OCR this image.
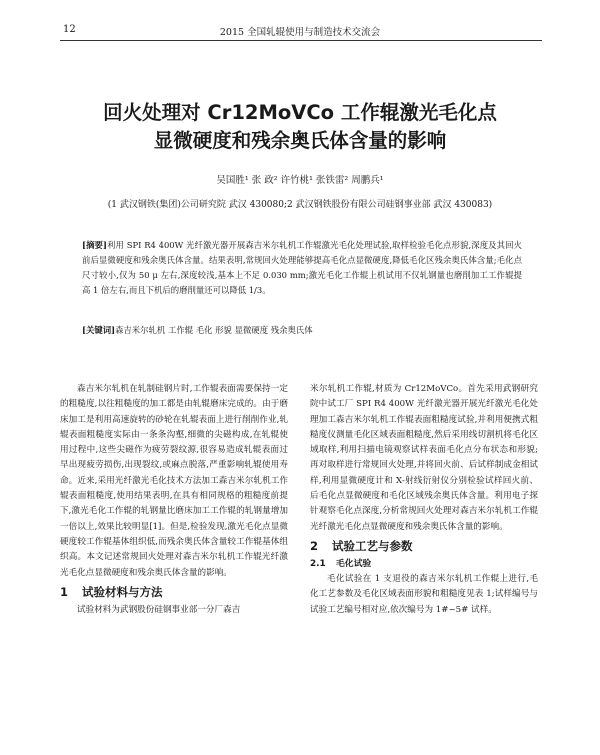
12	2015 全国轧辊使用与制造技术交流会
回火处理对 Cr12MoVCo 工作辊激光毛化点
显微硬度和残余奥氏体含量的影响
吴国胜¹ 张 政² 许竹桃¹ 张铁雷² 周鹏兵¹
(1 武汉钢铁(集团)公司研究院 武汉 430080;2 武汉钢铁股份有限公司硅钢事业部 武汉 430083)
[摘要]利用 SPI R4 400W 光纤激光器开展森吉米尔轧机工作辊激光毛化处理试验,取样检验毛化点形貌,深度及其回火前后显微硬度和残余奥氏体含量。结果表明,常规回火处理能够提高毛化点显微硬度,降低毛化区残余奥氏体含量;毛化点尺寸较小,仅为 50 μ 左右,深度较浅,基本上不足 0.030 mm;激光毛化工作辊上机试用不仅轧钢量也磨削加工工作辊提高 1 倍左右,而且下机后的磨削量还可以降低 1/3。
[关键词]森吉米尔轧机 工作辊 毛化 形貌 显微硬度 残余奥氏体

森吉米尔轧机在轧制硅钢片时,工作辊表面需要保持一定的粗糙度,以往粗糙度的加工都是由轧辊磨床完成的。由于磨床加工是利用高速旋转的砂轮在轧辊表面上进行削削作业,轧辊表面粗糙度实际由一条条沟壑,细微的尖磁构成,在轧辊使用过程中,这些尖磁作为疲劳裂纹源,很容易造成轧辊表面过早出现疲劳损伤,出现裂纹,或麻点脱落,严重影响轧辊使用寿命。近来,采用光纤激光毛化技术方法加工森吉米尔轧机工作辊表面粗糙度,使用结果表明,在具有相同规格的粗糙度前提下,激光毛化工作辊的轧钢量比磨床加工工作辊的轧钢量增加一倍以上,效果比较明显[1]。但是,检验发现,激光毛化点显微硬度较工作辊基体组织低,而残余奥氏体含量较工作辊基体组织高。本文记述常规回火处理对森吉米尔轧机工作辊光纤激光毛化点显微硬度和残余奥氏体含量的影响。

1 试验材料与方法

试验材料为武钢股份硅钢事业部一分厂森吉

米尔轧机工作辊,材质为 Cr12MoVCo。首先采用武钢研究院中试工厂 SPI R4 400W 光纤激光器开展光纤激光毛化处理加工森吉米尔轧机工作辊表面粗糙度试验,并利用便携式粗糙度仪测量毛化区域表面粗糙度,然后采用线切割机将毛化区域取样,利用扫描电镜观察试样表面毛化点分布状态和形貌;再对取样进行常规回火处理,并将回火前、后试样制成金相试样,利用显微硬度计和 X-射线衍射仪分别检验试样回火前、后毛化点显微硬度和毛化区域残余奥氏体含量。利用电子探针观察毛化点深度,分析常规回火处理对森吉米尔轧机工作辊光纤激光毛化点显微硬度和残余奥氏体含量的影响。

2 试验工艺与参数
2.1 毛化试验

毛化试验在 1 支退役的森吉米尔轧机工作辊上进行,毛化工艺参数及毛化区域表面形貌和粗糙度见表 1;试样编号与试验工艺编号相对应,依次编号为 1#~5# 试样。
